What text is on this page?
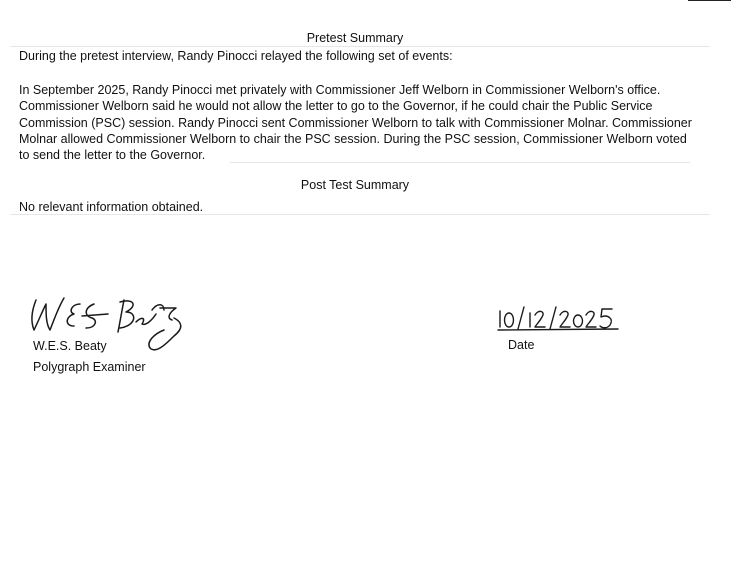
Pretest Summary
During the pretest interview, Randy Pinocci relayed the following set of events:
In September 2025, Randy Pinocci met privately with Commissioner Jeff Welborn in Commissioner Welborn's office. Commissioner Welborn said he would not allow the letter to go to the Governor, if he could chair the Public Service Commission (PSC) session. Randy Pinocci sent Commissioner Welborn to talk with Commissioner Molnar. Commissioner Molnar allowed Commissioner Welborn to chair the PSC session. During the PSC session, Commissioner Welborn voted to send the letter to the Governor.
Post Test Summary
No relevant information obtained.
W.E.S. Beaty
Polygraph Examiner
Date
